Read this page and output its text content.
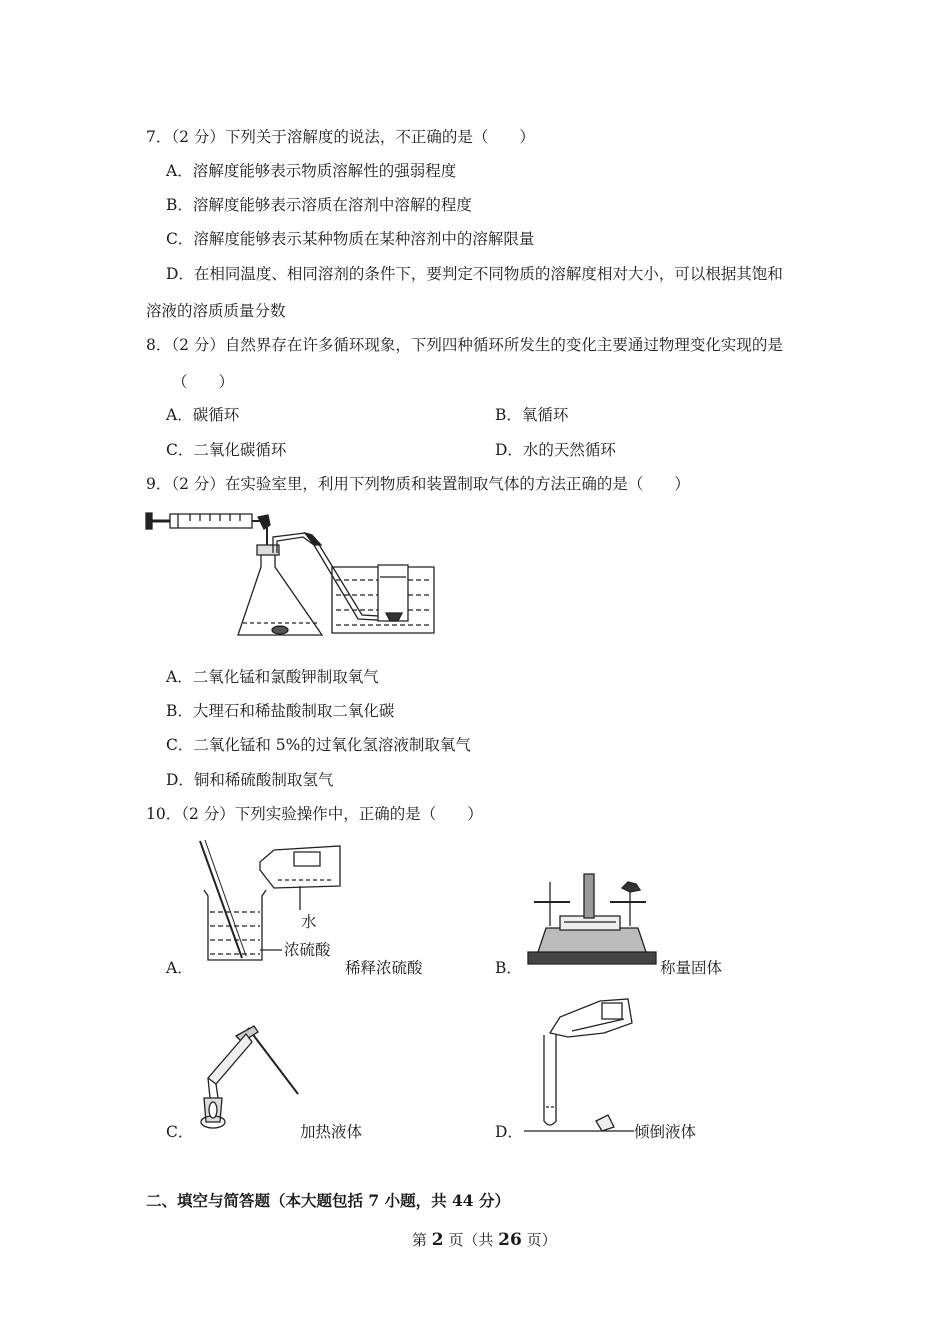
7．（2 分）下列关于溶解度的说法，不正确的是（　　）
A．溶解度能够表示物质溶解性的强弱程度
B．溶解度能够表示溶质在溶剂中溶解的程度
C．溶解度能够表示某种物质在某种溶剂中的溶解限量
D．在相同温度、相同溶剂的条件下，要判定不同物质的溶解度相对大小，可以根据其饱和
溶液的溶质质量分数
8．（2 分）自然界存在许多循环现象，下列四种循环所发生的变化主要通过物理变化实现的是
（　　）
A．碳循环	B．氧循环
C．二氧化碳循环	D．水的天然循环
9．（2 分）在实验室里，利用下列物质和装置制取气体的方法正确的是（　　）
A．二氧化锰和氯酸钾制取氧气
B．大理石和稀盐酸制取二氧化碳
C．二氧化锰和 5%的过氧化氢溶液制取氧气
D．铜和稀硫酸制取氢气
10．（2 分）下列实验操作中，正确的是（　　）
水
浓硫酸
A．	稀释浓硫酸	B．	称量固体
C．	加热液体	D．	倾倒液体
二、填空与简答题（本大题包括 7 小题，共 44 分）
第 2 页（共 26 页）
